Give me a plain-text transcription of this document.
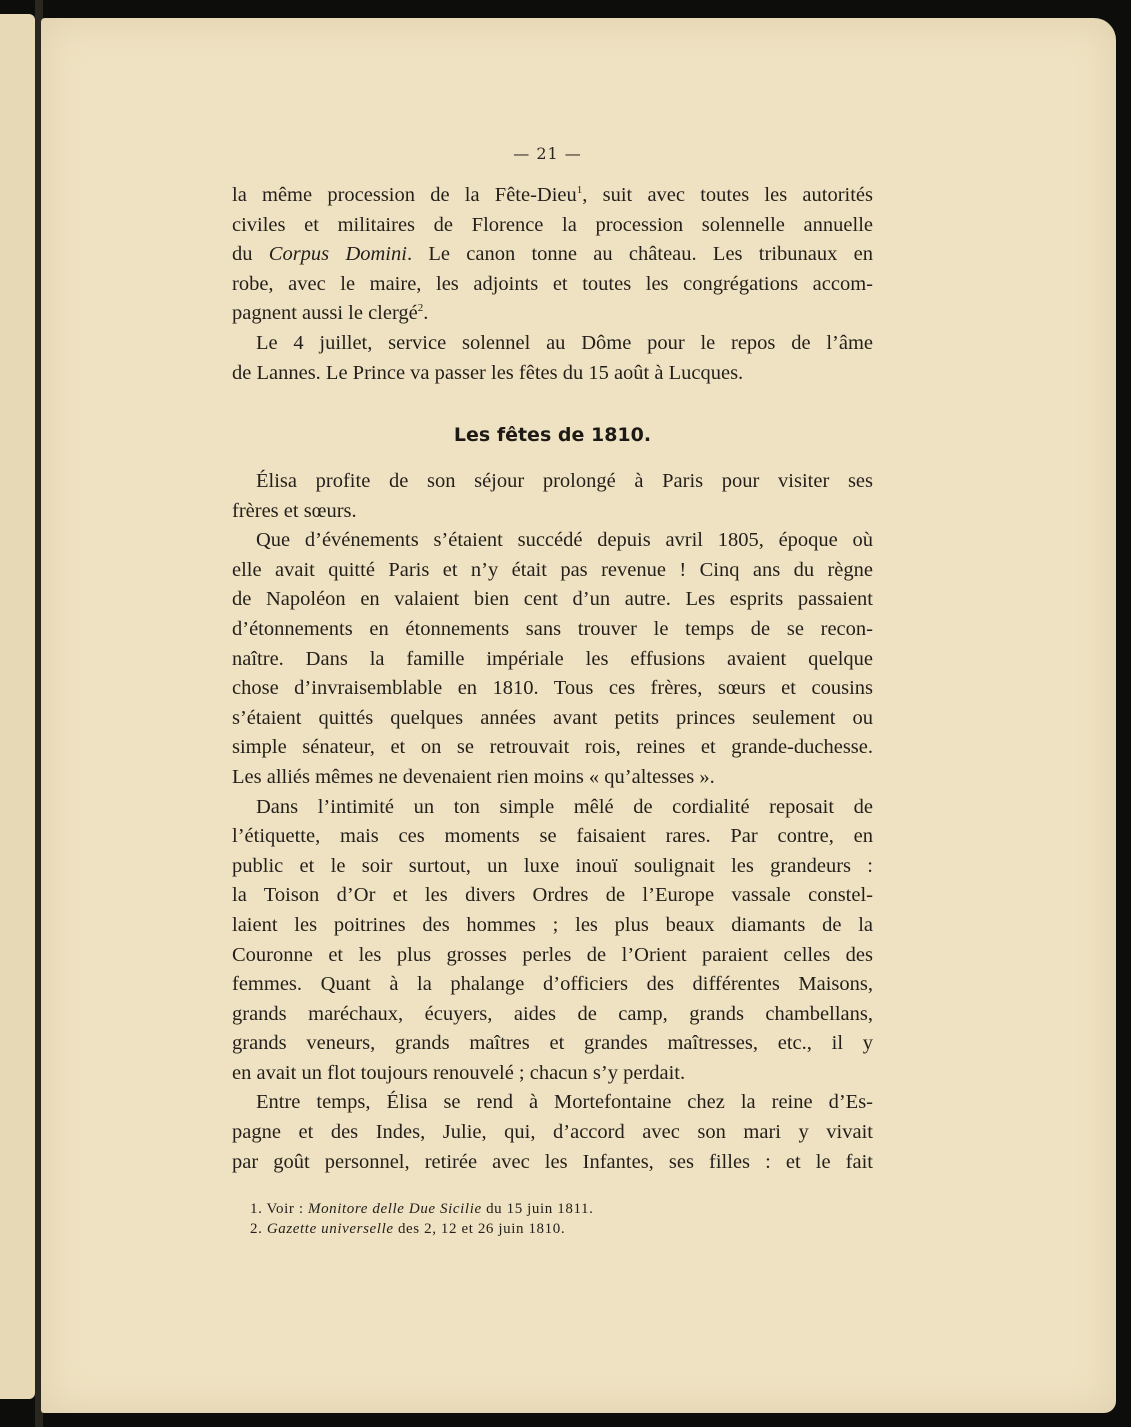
— 21 —
la même procession de la Fête-Dieu$^1$, suit avec toutes les autorités
civiles et militaires de Florence la procession solennelle annuelle
du Corpus Domini. Le canon tonne au château. Les tribunaux en
robe, avec le maire, les adjoints et toutes les congrégations accom-
pagnent aussi le clergé$^2$.
Le 4 juillet, service solennel au Dôme pour le repos de l’âme
de Lannes. Le Prince va passer les fêtes du 15 août à Lucques.
Les fêtes de 1810.
Élisa profite de son séjour prolongé à Paris pour visiter ses
frères et sœurs.
Que d’événements s’étaient succédé depuis avril 1805, époque où
elle avait quitté Paris et n’y était pas revenue ! Cinq ans du règne
de Napoléon en valaient bien cent d’un autre. Les esprits passaient
d’étonnements en étonnements sans trouver le temps de se recon-
naître. Dans la famille impériale les effusions avaient quelque
chose d’invraisemblable en 1810. Tous ces frères, sœurs et cousins
s’étaient quittés quelques années avant petits princes seulement ou
simple sénateur, et on se retrouvait rois, reines et grande-duchesse.
Les alliés mêmes ne devenaient rien moins « qu’altesses ».
Dans l’intimité un ton simple mêlé de cordialité reposait de
l’étiquette, mais ces moments se faisaient rares. Par contre, en
public et le soir surtout, un luxe inouï soulignait les grandeurs :
la Toison d’Or et les divers Ordres de l’Europe vassale constel-
laient les poitrines des hommes ; les plus beaux diamants de la
Couronne et les plus grosses perles de l’Orient paraient celles des
femmes. Quant à la phalange d’officiers des différentes Maisons,
grands maréchaux, écuyers, aides de camp, grands chambellans,
grands veneurs, grands maîtres et grandes maîtresses, etc., il y
en avait un flot toujours renouvelé ; chacun s’y perdait.
Entre temps, Élisa se rend à Mortefontaine chez la reine d’Es-
pagne et des Indes, Julie, qui, d’accord avec son mari y vivait
par goût personnel, retirée avec les Infantes, ses filles : et le fait
1. Voir : Monitore delle Due Sicilie du 15 juin 1811.
2. Gazette universelle des 2, 12 et 26 juin 1810.
